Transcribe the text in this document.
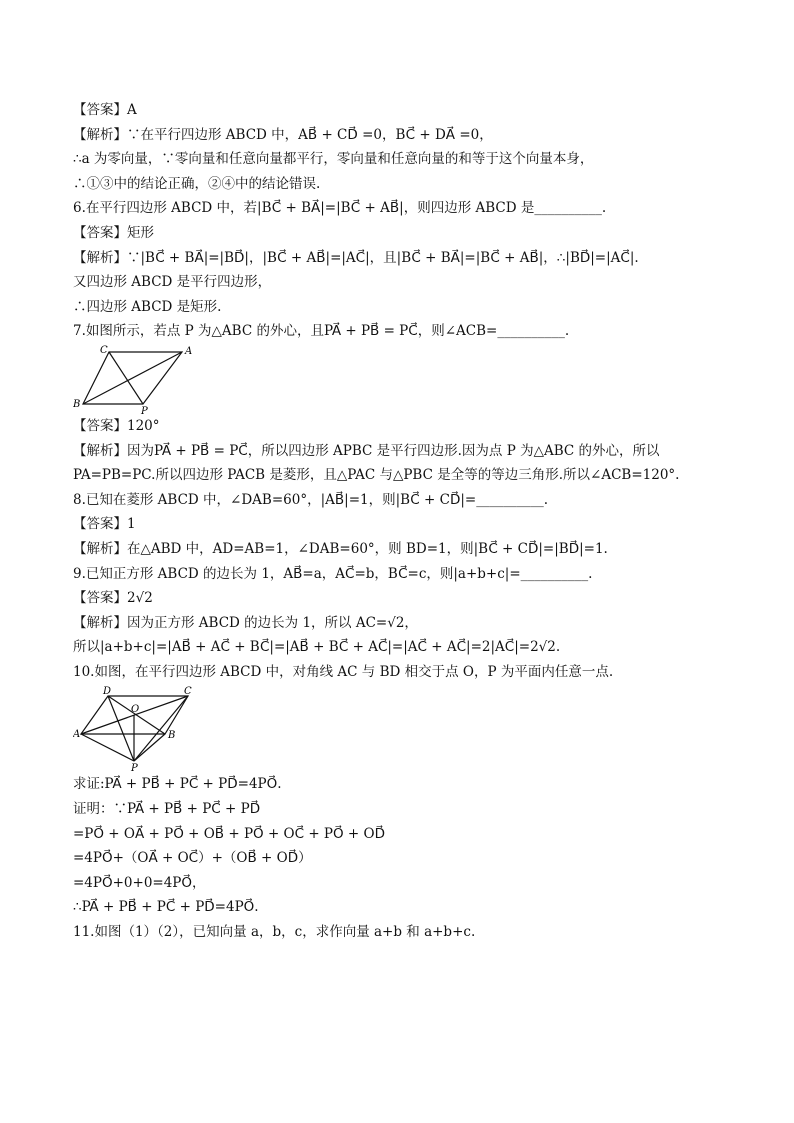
【答案】A
【解析】∵在平行四边形 ABCD 中，AB⃗ + CD⃗ =0，BC⃗ + DA⃗ =0，
∴a 为零向量，∵零向量和任意向量都平行，零向量和任意向量的和等于这个向量本身，
∴①③中的结论正确，②④中的结论错误.
6.在平行四边形 ABCD 中，若|BC⃗ + BA⃗|=|BC⃗ + AB⃗|，则四边形 ABCD 是__________.
【答案】矩形
【解析】∵|BC⃗ + BA⃗|=|BD⃗|，|BC⃗ + AB⃗|=|AC⃗|，且|BC⃗ + BA⃗|=|BC⃗ + AB⃗|，∴|BD⃗|=|AC⃗|.
又四边形 ABCD 是平行四边形，
∴四边形 ABCD 是矩形.
7.如图所示，若点 P 为△ABC 的外心，且PA⃗ + PB⃗ = PC⃗，则∠ACB=__________.
C	A
B
P
【答案】120°
【解析】因为PA⃗ + PB⃗ = PC⃗，所以四边形 APBC 是平行四边形.因为点 P 为△ABC 的外心，所以
PA=PB=PC.所以四边形 PACB 是菱形，且△PAC 与△PBC 是全等的等边三角形.所以∠ACB=120°.
8.已知在菱形 ABCD 中，∠DAB=60°，|AB⃗|=1，则|BC⃗ + CD⃗|=__________.
【答案】1
【解析】在△ABD 中，AD=AB=1，∠DAB=60°，则 BD=1，则|BC⃗ + CD⃗|=|BD⃗|=1.
9.已知正方形 ABCD 的边长为 1，AB⃗=a，AC⃗=b，BC⃗=c，则|a+b+c|=__________.
【答案】2√2
【解析】因为正方形 ABCD 的边长为 1，所以 AC=√2，
所以|a+b+c|=|AB⃗ + AC⃗ + BC⃗|=|AB⃗ + BC⃗ + AC⃗|=|AC⃗ + AC⃗|=2|AC⃗|=2√2.
10.如图，在平行四边形 ABCD 中，对角线 AC 与 BD 相交于点 O，P 为平面内任意一点.
D	C
O
A	B
P
求证:PA⃗ + PB⃗ + PC⃗ + PD⃗=4PO⃗.
证明：∵PA⃗ + PB⃗ + PC⃗ + PD⃗
=PO⃗ + OA⃗ + PO⃗ + OB⃗ + PO⃗ + OC⃗ + PO⃗ + OD⃗
=4PO⃗+（OA⃗ + OC⃗）+（OB⃗ + OD⃗）
=4PO⃗+0+0=4PO⃗，
∴PA⃗ + PB⃗ + PC⃗ + PD⃗=4PO⃗.
11.如图（1）（2），已知向量 a，b，c，求作向量 a+b 和 a+b+c.
